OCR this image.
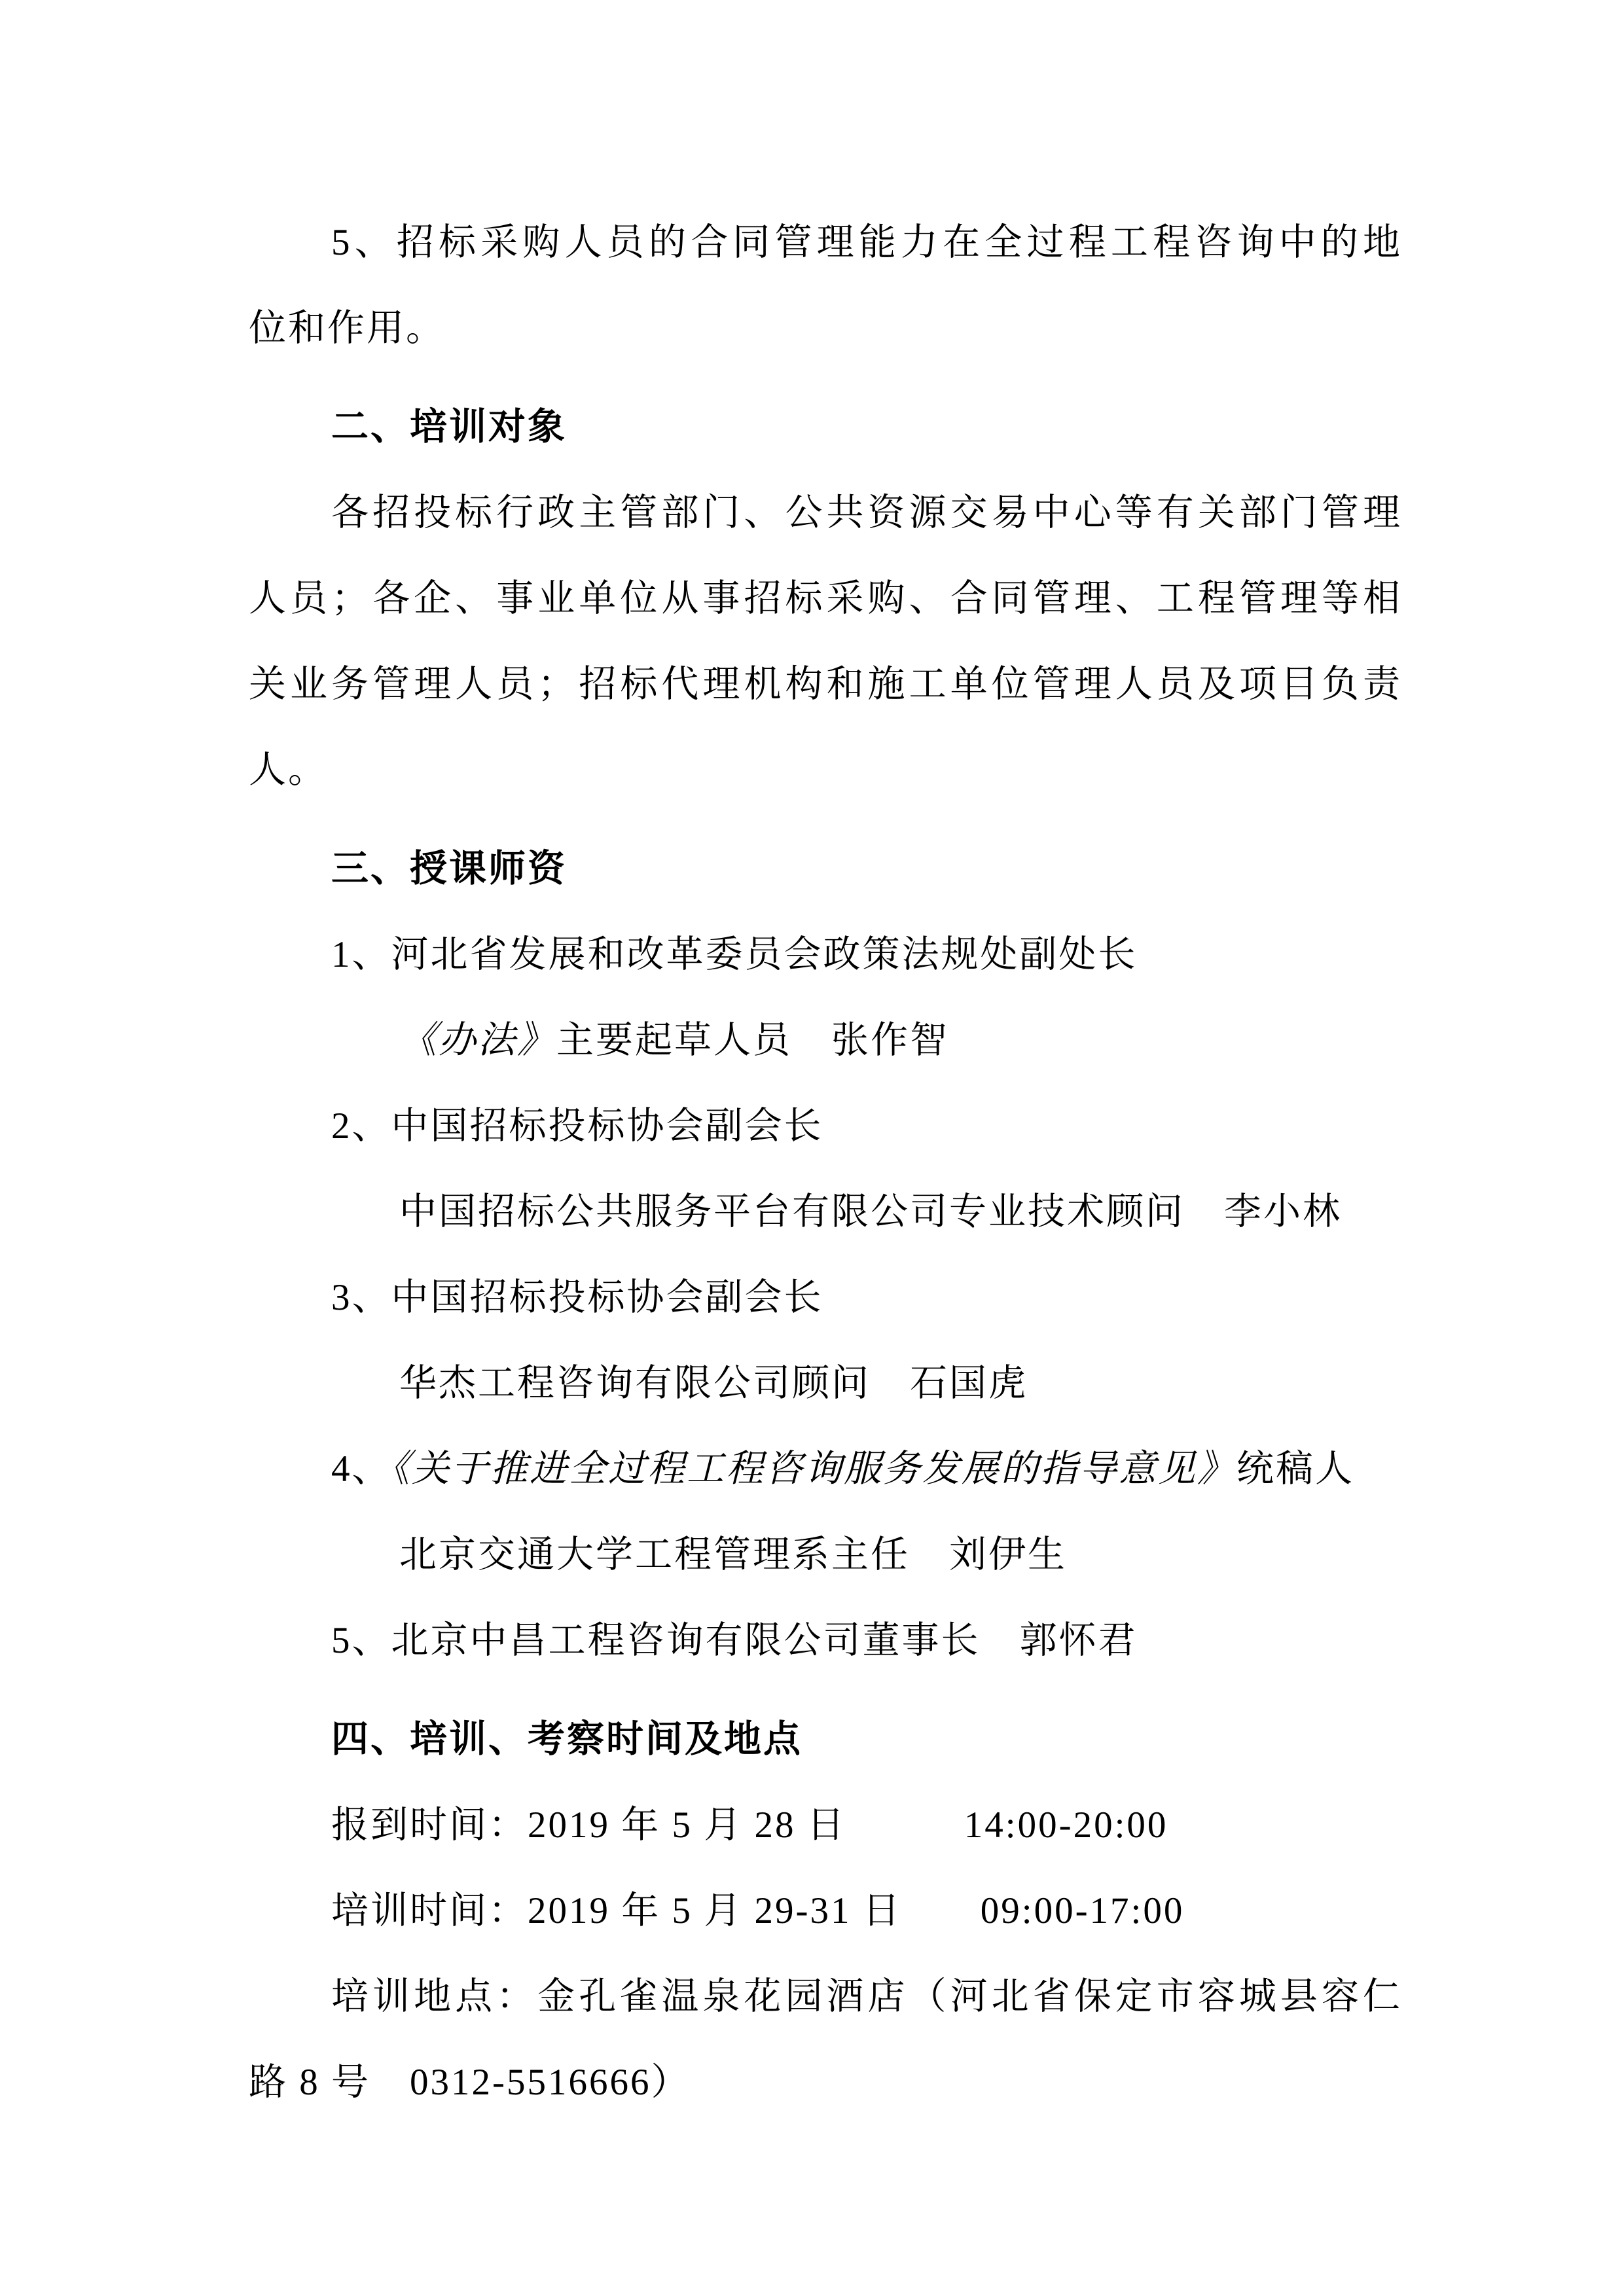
5、招标采购人员的合同管理能力在全过程工程咨询中的地
位和作用。
二、培训对象
各招投标行政主管部门、公共资源交易中心等有关部门管理
人员；各企、事业单位从事招标采购、合同管理、工程管理等相
关业务管理人员；招标代理机构和施工单位管理人员及项目负责
人。
三、授课师资
1、河北省发展和改革委员会政策法规处副处长
《办法》主要起草人员　张作智
2、中国招标投标协会副会长
中国招标公共服务平台有限公司专业技术顾问　李小林
3、中国招标投标协会副会长
华杰工程咨询有限公司顾问　石国虎
4、《关于推进全过程工程咨询服务发展的指导意见》统稿人
北京交通大学工程管理系主任　刘伊生
5、北京中昌工程咨询有限公司董事长　郭怀君
四、培训、考察时间及地点
报到时间：2019 年 5 月 28 日　　　14:00-20:00
培训时间：2019 年 5 月 29-31 日　　09:00-17:00
培训地点：金孔雀温泉花园酒店（河北省保定市容城县容仁
路 8 号　0312-5516666）
